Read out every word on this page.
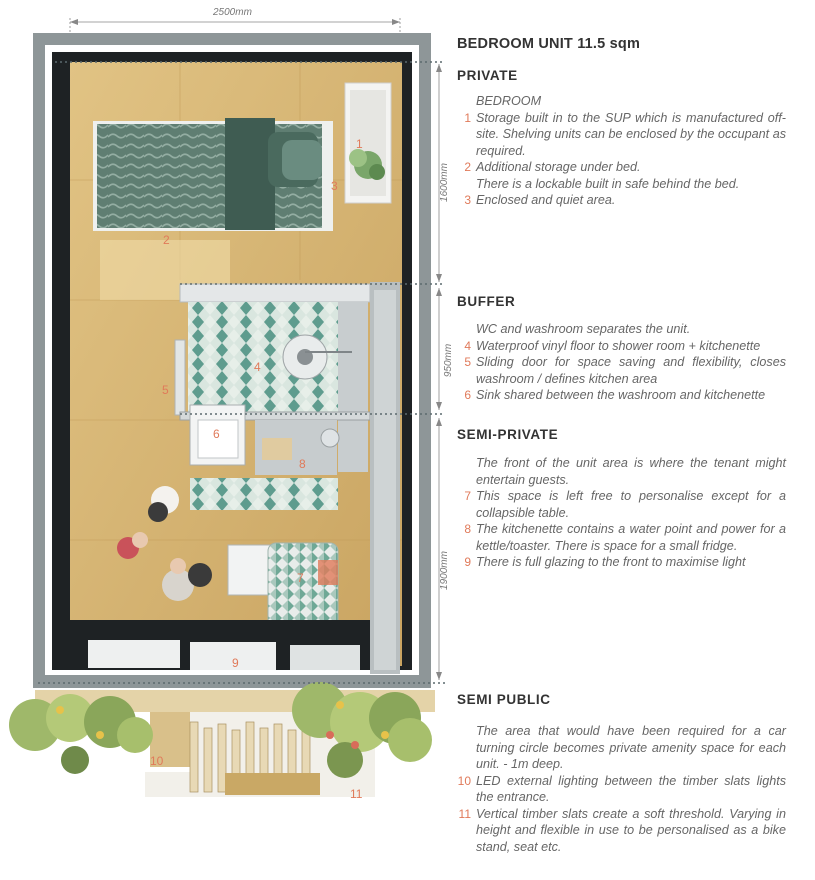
1
2
3
4
5
6
7
8
9
10
11
2500mm
1600mm
950mm
1900mm
BEDROOM UNIT 11.5 sqm
PRIVATE
BEDROOM
1 Storage built in to the SUP which is manufactured off-site. Shelving units can be enclosed by the occupant as required.
2 Additional storage under bed.
There is a lockable built in safe behind the bed.
3 Enclosed and quiet area.
BUFFER
WC and washroom separates the unit.
4 Waterproof vinyl floor to shower room + kitchenette
5 Sliding door for space saving and flexibility, closes washroom / defines kitchen area
6 Sink shared between the washroom and kitchenette
SEMI-PRIVATE
The front of the unit area is where the tenant might entertain guests.
7 This space is left free to personalise except for a collapsible table.
8 The kitchenette contains a water point and power for a kettle/toaster. There is space for a small fridge.
9 There is full glazing to the front to maximise light
SEMI PUBLIC
The area that would have been required for a car turning circle becomes private amenity space for each unit. - 1m deep.
10 LED external lighting between the timber slats lights the entrance.
11 Vertical timber slats create a soft threshold. Varying in height and flexible in use to be personalised as a bike stand, seat etc.
